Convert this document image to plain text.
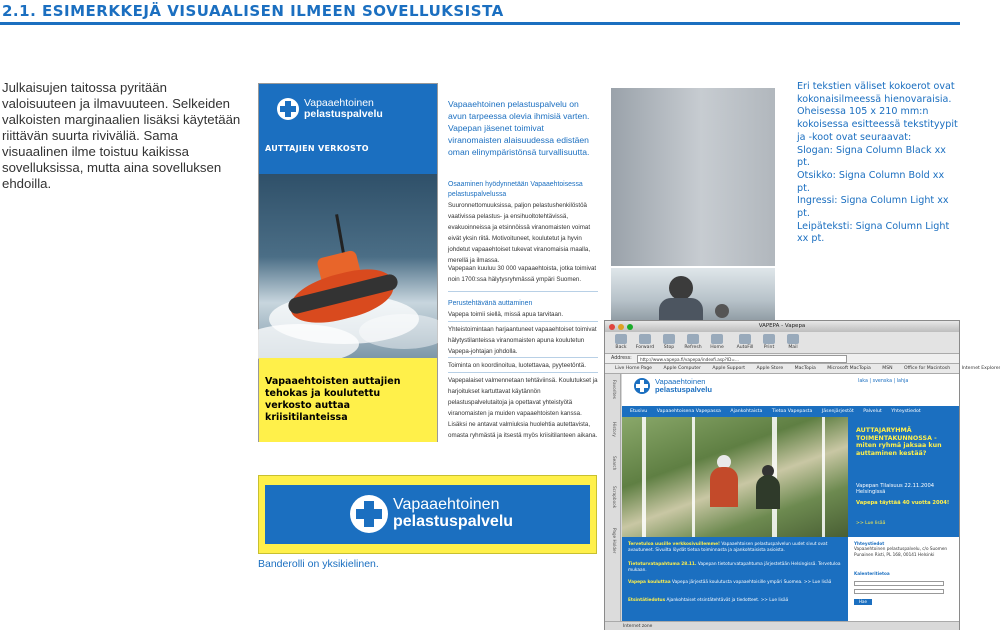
2.1. ESIMERKKEJÄ VISUAALISEN ILMEEN SOVELLUKSISTA
Julkaisujen taitossa pyritään valoisuuteen ja ilmavuuteen. Selkeiden valkoisten marginaalien lisäksi käytetään riittävän suurta riviväliä. Sama visuaalinen ilme toistuu kaikissa sovelluksissa, mutta aina sovelluksen ehdoilla.
Vapaaehtoinen
pelastuspalvelu
AUTTAJIEN VERKOSTO
Vapaaehtoisten auttajien tehokas ja koulutettu verkosto auttaa kriisitilanteissa
Vapaaehtoinen
pelastuspalvelu
Banderolli on yksikielinen.
Vapaaehtoinen pelastuspalvelu on avun tarpeessa olevia ihmisiä varten. Vapepan jäsenet toimivat viranomaisten alaisuudessa edistäen oman elinympäristönsä turvallisuutta.
Osaaminen hyödynnetään Vapaaehtoisessa pelastuspalvelussa
Suuronnettomuuksissa, paljon pelastushenkilöstöä vaativissa pelastus- ja ensihuoltotehtävissä, evakuoinneissa ja etsinnöissä viranomaisten voimat eivät yksin riitä. Motivoituneet, koulutetut ja hyvin johdetut vapaaehtoiset tukevat viranomaisia maalla, merellä ja ilmassa.
Vapepaan kuuluu 30 000 vapaaehtoista, jotka toimivat noin 1700:ssa hälytysryhmässä ympäri Suomen.
Perustehtävänä auttaminen
Vapepa toimii siellä, missä apua tarvitaan.
Yhteistoimintaan harjaantuneet vapaaehtoiset toimivat hälytystilanteissa viranomaisten apuna koulutetun Vapepa-johtajan johdolla.
Toiminta on koordinoitua, luotettavaa, pyyteetöntä.
Vapepalaiset valmennetaan tehtäviinsä. Koulutukset ja harjoitukset kartuttavat käytännön pelastuspalvelutaitoja ja opettavat yhteistyötä viranomaisten ja muiden vapaaehtoisten kanssa. Lisäksi ne antavat valmiuksia huolehtia autettavista, omasta ryhmästä ja itsestä myös kriisitilanteen aikana.
Eri tekstien väliset kokoerot ovat kokonaisilmeessä hienovaraisia.
Oheisessa 105 x 210 mm:n kokoisessa esitteessä tekstityypit ja -koot ovat seuraavat:
Slogan: Signa Column Black xx pt.
Otsikko: Signa Column Bold xx pt.
Ingressi: Signa Column Light xx pt.
Leipäteksti: Signa Column Light xx pt.
VAPEPA - Vapepa
Back	Forward	Stop	Refresh	Home	AutoFill	Print	Mail
Address:	http://www.vapepa.fi/vapepa/indexfi.asp?ID=...
Live Home Page Apple Computer Apple Support Apple Store MacTopia Microsoft MacTopia MSN Office for Macintosh Internet Explorer
Favorites
History
Search
Scrapbook
Page Holder
Vapaaehtoinen
pelastuspalvelu
laka | svenska | lahja
Etusivu Vapaaehtoisena Vapepassa Ajankohtaista Tietoa Vapepasta Jäsenjärjestöt Palvelut Yhteystiedot
AUTTAJARYHMÄ TOIMENTAKUNNOSSA - miten ryhmä jaksaa kun auttaminen kestää?
Vapepan Tilaisuus 22.11.2004 Helsingissä
Vapepa täyttää 40 vuotta 2004!
>> Lue lisää
Tervetuloa uusille verkkosivuillemme! Vapaaehtoisen pelastuspalvelun uudet sivut ovat avautuneet. Sivuilta löydät tietoa toiminnasta ja ajankohtaisista asioista.
Tietoturvatapahtuma 28.11. Vapepan tietoturvatapahtuma järjestetään Helsingissä. Tervetuloa mukaan.
Vapepa kouluttaa Vapepa järjestää koulutusta vapaaehtoisille ympäri Suomea. >> Lue lisää
Etsintätiedotus Ajankohtaiset etsintätehtävät ja tiedotteet. >> Lue lisää
Yhteystiedot
Vapaaehtoinen pelastuspalvelu, c/o Suomen Punainen Risti, PL 168, 00141 Helsinki
Kalenteritietoa
Hae
Internet zone
